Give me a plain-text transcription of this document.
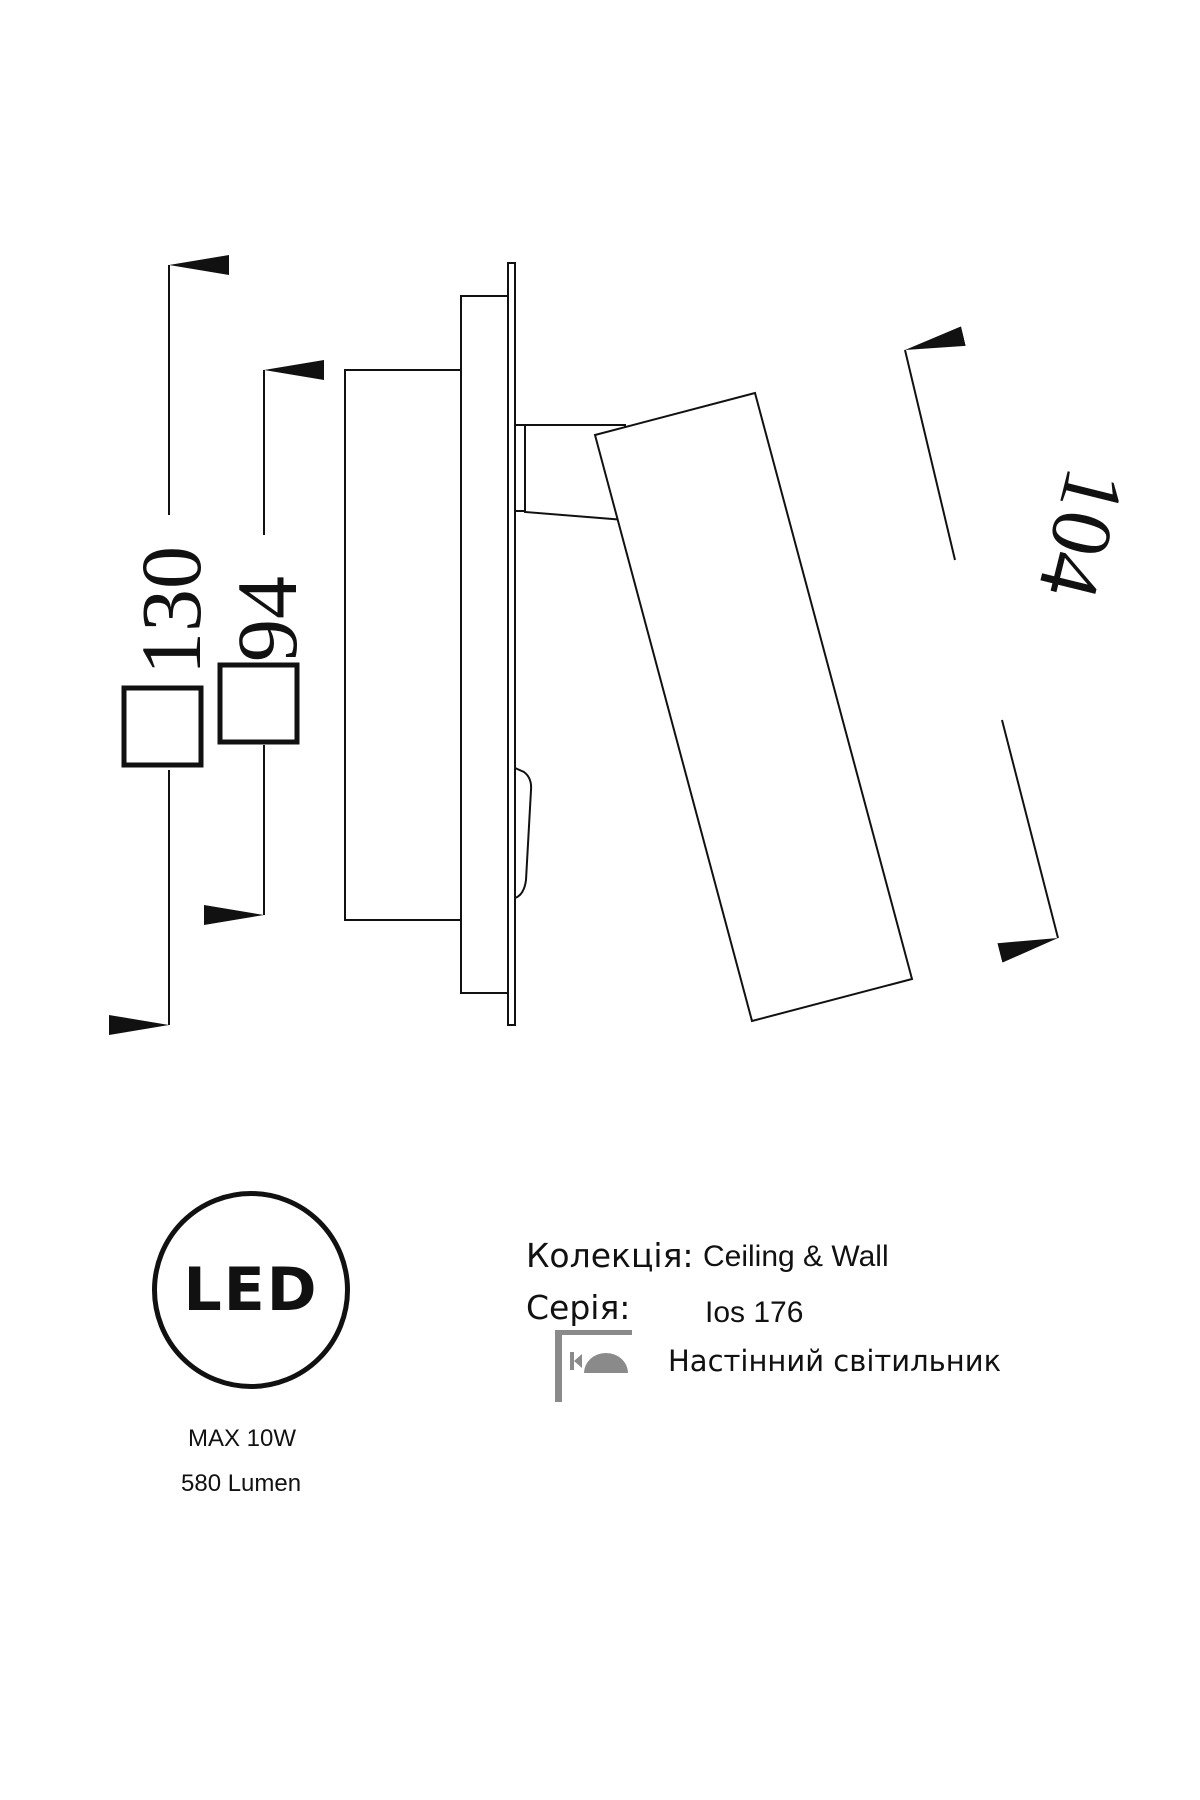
130 94
104
LED
MAX 10W
580 Lumen
Колекція: Ceiling & Wall
Серія: Ios 176
Настінний світильник
